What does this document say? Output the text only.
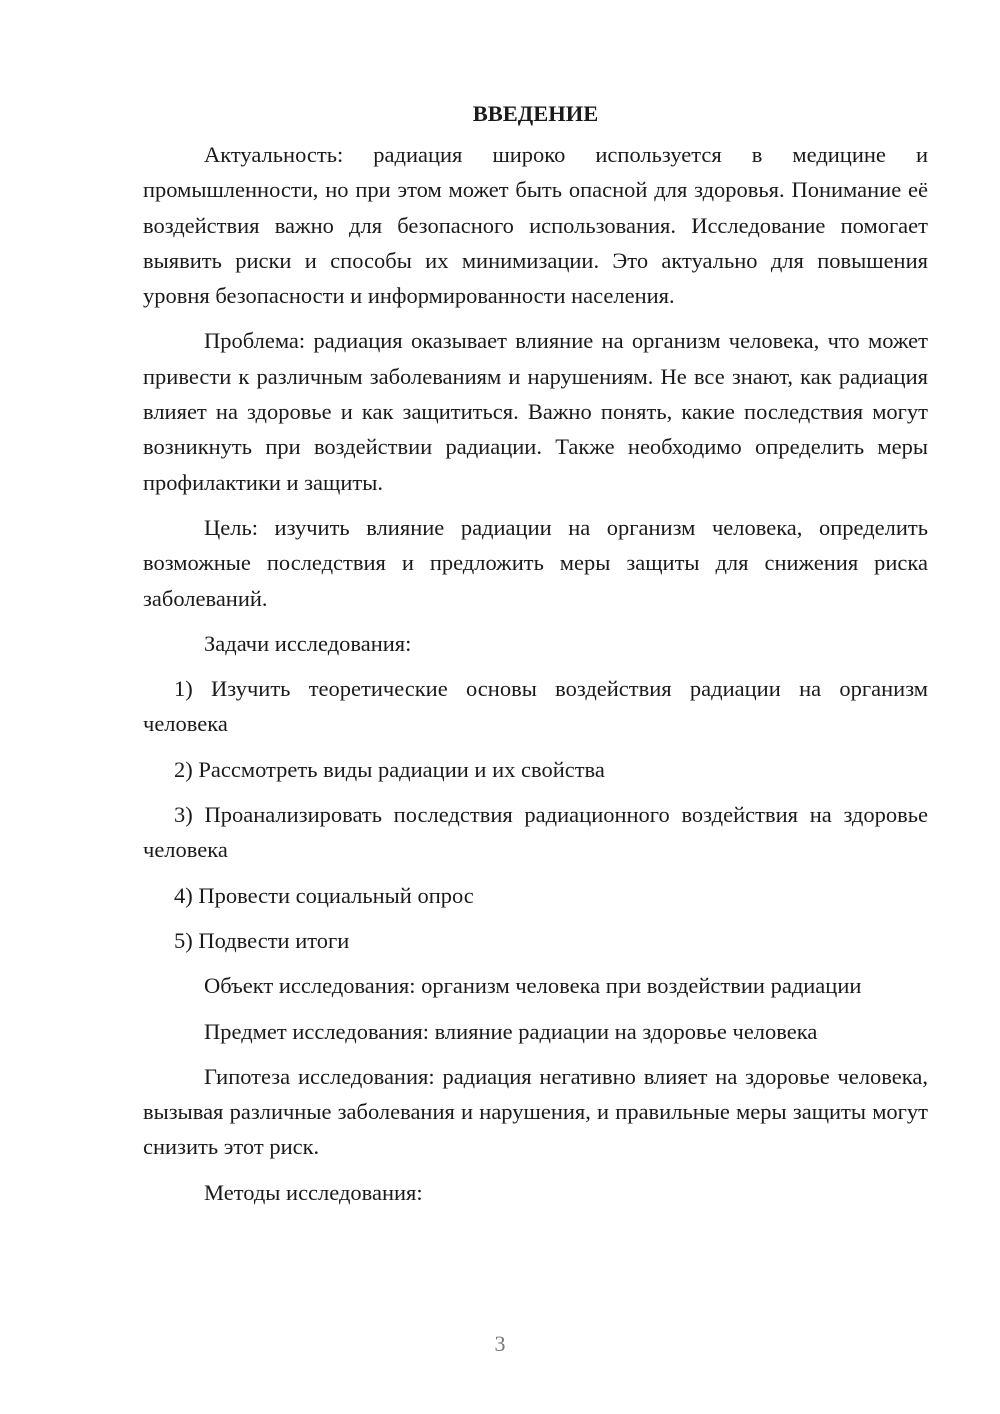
ВВЕДЕНИЕ

Актуальность: радиация широко используется в медицине и промышленности, но при этом может быть опасной для здоровья. Понимание её воздействия важно для безопасного использования. Исследование помогает выявить риски и способы их минимизации. Это актуально для повышения уровня безопасности и информированности населения.

Проблема: радиация оказывает влияние на организм человека, что может привести к различным заболеваниям и нарушениям. Не все знают, как радиация влияет на здоровье и как защититься. Важно понять, какие последствия могут возникнуть при воздействии радиации. Также необходимо определить меры профилактики и защиты.

Цель: изучить влияние радиации на организм человека, определить возможные последствия и предложить меры защиты для снижения риска заболеваний.

Задачи исследования:

1) Изучить теоретические основы воздействия радиации на организм человека

2) Рассмотреть виды радиации и их свойства

3) Проанализировать последствия радиационного воздействия на здоровье человека

4) Провести социальный опрос

5) Подвести итоги

Объект исследования: организм человека при воздействии радиации

Предмет исследования: влияние радиации на здоровье человека

Гипотеза исследования: радиация негативно влияет на здоровье человека, вызывая различные заболевания и нарушения, и правильные меры защиты могут снизить этот риск.

Методы исследования:

3
